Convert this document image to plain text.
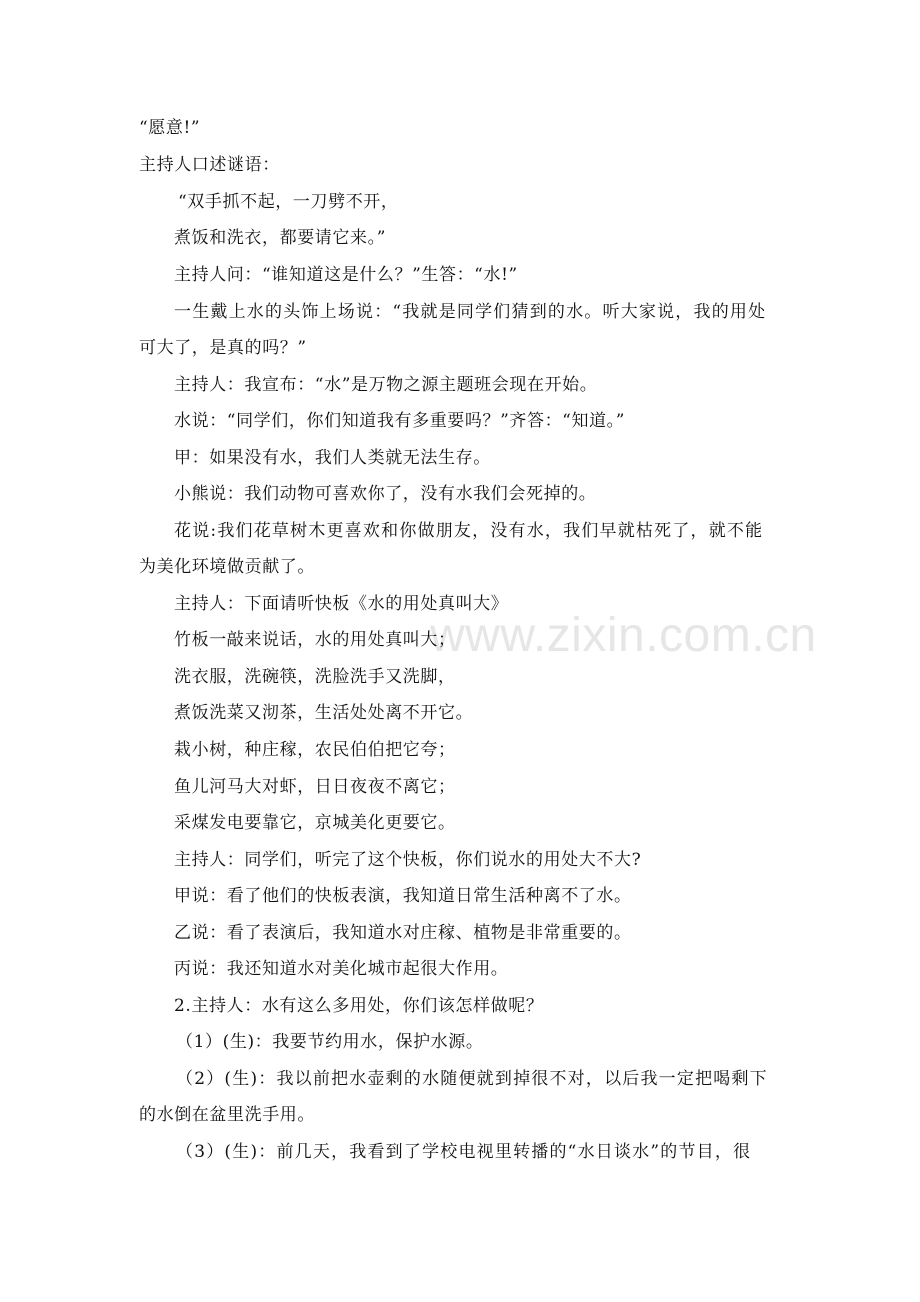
www.zixin.com.cn
“愿意!”
主持人口述谜语：
“双手抓不起，一刀劈不开，
煮饭和洗衣，都要请它来。”
主持人问：“谁知道这是什么？”生答：“水!”
一生戴上水的头饰上场说：“我就是同学们猜到的水。听大家说，我的用处
可大了，是真的吗？”
主持人：我宣布：“水”是万物之源主题班会现在开始。
水说：“同学们，你们知道我有多重要吗？”齐答：“知道。”
甲：如果没有水，我们人类就无法生存。
小熊说：我们动物可喜欢你了，没有水我们会死掉的。
花说:我们花草树木更喜欢和你做朋友，没有水，我们早就枯死了，就不能
为美化环境做贡献了。
主持人：下面请听快板《水的用处真叫大》
竹板一敲来说话，水的用处真叫大；
洗衣服，洗碗筷，洗脸洗手又洗脚，
煮饭洗菜又沏茶，生活处处离不开它。
栽小树，种庄稼，农民伯伯把它夸；
鱼儿河马大对虾，日日夜夜不离它；
采煤发电要靠它，京城美化更要它。
主持人：同学们，听完了这个快板，你们说水的用处大不大?
甲说：看了他们的快板表演，我知道日常生活种离不了水。
乙说：看了表演后，我知道水对庄稼、植物是非常重要的。
丙说：我还知道水对美化城市起很大作用。
2.主持人：水有这么多用处，你们该怎样做呢？
（1）(生)：我要节约用水，保护水源。
（2）(生)：我以前把水壶剩的水随便就到掉很不对，以后我一定把喝剩下
的水倒在盆里洗手用。
（3）(生)：前几天，我看到了学校电视里转播的“水日谈水”的节目，很
